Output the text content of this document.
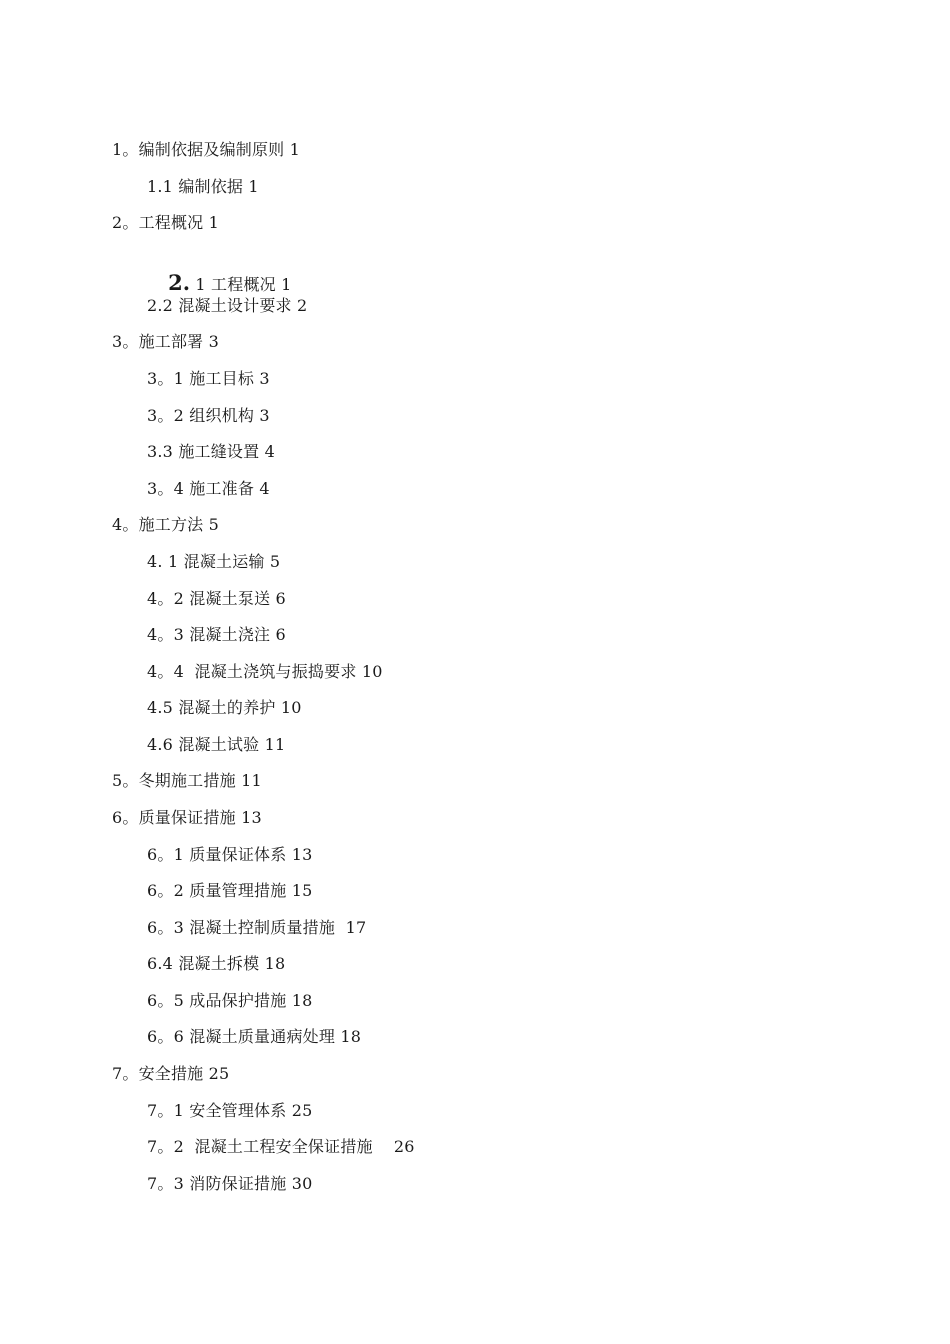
1。编制依据及编制原则 1
1.1 编制依据 1
2。工程概况 1

2. 1 工程概况 1

2.2 混凝土设计要求 2
3。施工部署 3
3。1 施工目标 3
3。2 组织机构 3
3.3 施工缝设置 4
3。4 施工准备 4
4。施工方法 5
4. 1 混凝土运输 5
4。2 混凝土泵送 6
4。3 混凝土浇注 6
4。4  混凝土浇筑与振捣要求 10
4.5 混凝土的养护 10
4.6 混凝土试验 11
5。冬期施工措施 11
6。质量保证措施 13
6。1 质量保证体系 13
6。2 质量管理措施 15
6。3 混凝土控制质量措施  17
6.4 混凝土拆模 18
6。5 成品保护措施 18
6。6 混凝土质量通病处理 18
7。安全措施 25
7。1 安全管理体系 25
7。2  混凝土工程安全保证措施    26
7。3 消防保证措施 30
